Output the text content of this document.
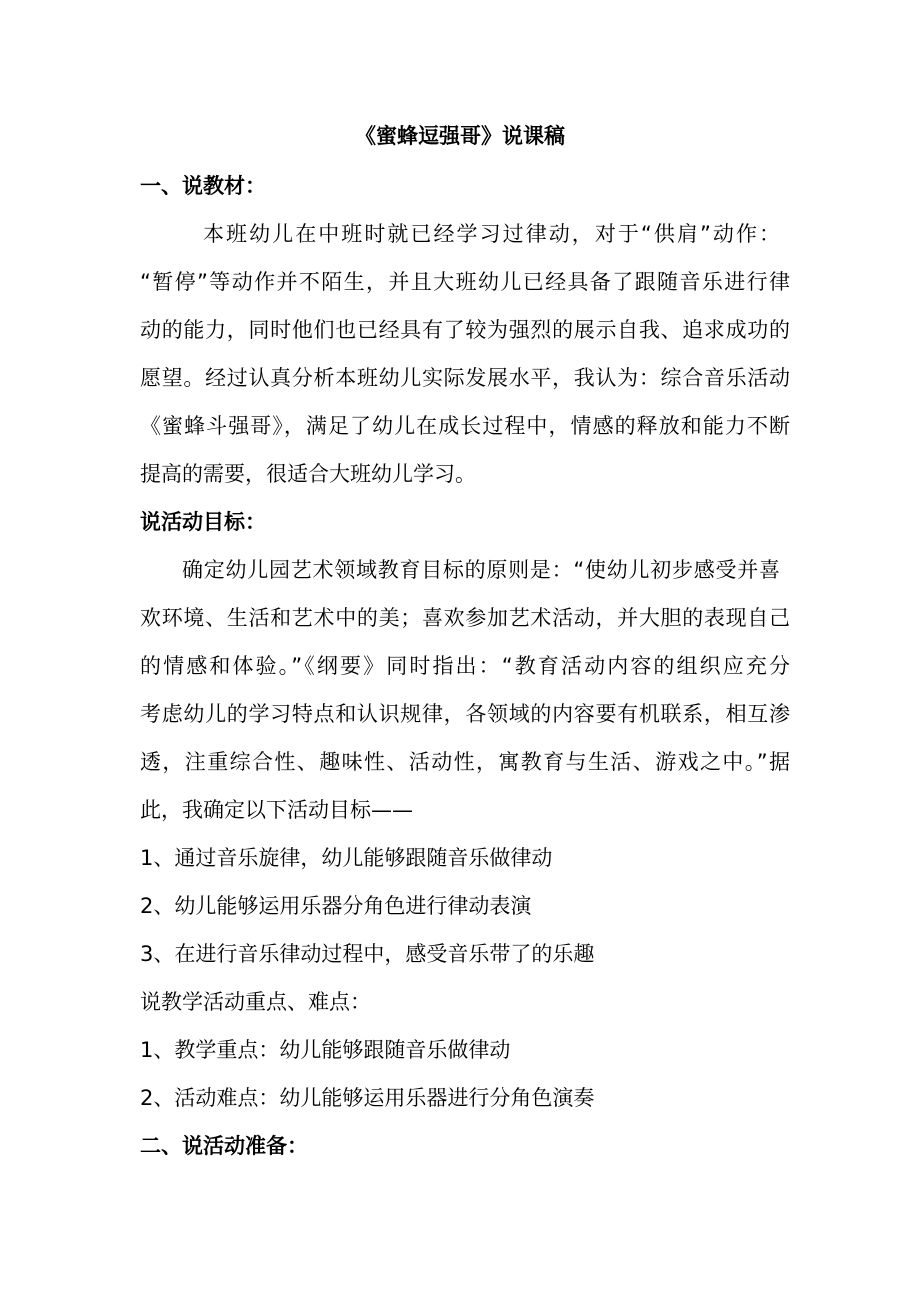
《蜜蜂逗强哥》说课稿
一、说教材：
本班幼儿在中班时就已经学习过律动，对于“供肩”动作：
“暂停”等动作并不陌生，并且大班幼儿已经具备了跟随音乐进行律
动的能力，同时他们也已经具有了较为强烈的展示自我、追求成功的
愿望。经过认真分析本班幼儿实际发展水平，我认为：综合音乐活动
《蜜蜂斗强哥》，满足了幼儿在成长过程中，情感的释放和能力不断
提高的需要，很适合大班幼儿学习。
说活动目标：
确定幼儿园艺术领域教育目标的原则是：“使幼儿初步感受并喜
欢环境、生活和艺术中的美；喜欢参加艺术活动，并大胆的表现自己
的情感和体验。”《纲要》同时指出：“教育活动内容的组织应充分
考虑幼儿的学习特点和认识规律，各领域的内容要有机联系，相互渗
透，注重综合性、趣味性、活动性，寓教育与生活、游戏之中。”据
此，我确定以下活动目标——
1、通过音乐旋律，幼儿能够跟随音乐做律动
2、幼儿能够运用乐器分角色进行律动表演
3、在进行音乐律动过程中，感受音乐带了的乐趣
说教学活动重点、难点：
1、教学重点：幼儿能够跟随音乐做律动
2、活动难点：幼儿能够运用乐器进行分角色演奏
二、说活动准备：
